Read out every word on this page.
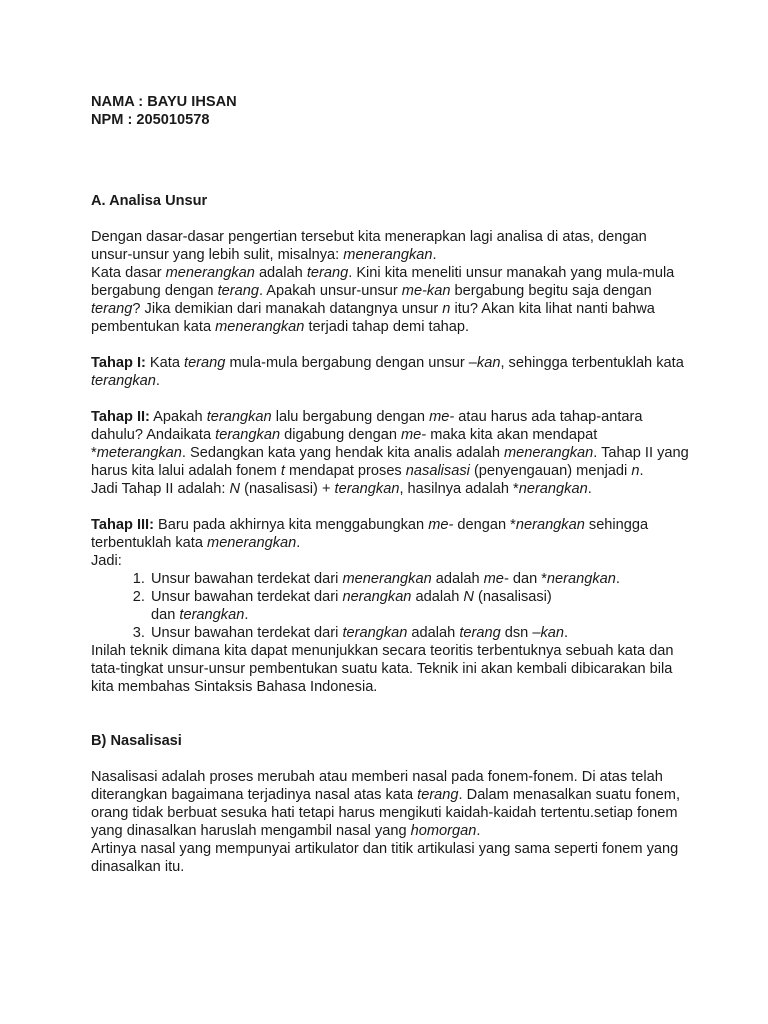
NAMA : BAYU IHSAN

NPM : 205010578

A. Analisa Unsur

Dengan dasar-dasar pengertian tersebut kita menerapkan lagi analisa di atas, dengan unsur-unsur yang lebih sulit, misalnya: menerangkan.
Kata dasar menerangkan adalah terang. Kini kita meneliti unsur manakah yang mula-mula bergabung dengan terang. Apakah unsur-unsur me-kan bergabung begitu saja dengan terang? Jika demikian dari manakah datangnya unsur n itu? Akan kita lihat nanti bahwa pembentukan kata menerangkan terjadi tahap demi tahap.

Tahap I: Kata terang mula-mula bergabung dengan unsur –kan, sehingga terbentuklah kata terangkan.

Tahap II: Apakah terangkan lalu bergabung dengan me- atau harus ada tahap-antara dahulu? Andaikata terangkan digabung dengan me- maka kita akan mendapat *meterangkan. Sedangkan kata yang hendak kita analis adalah menerangkan. Tahap II yang harus kita lalui adalah fonem t mendapat proses nasalisasi (penyengauan) menjadi n.
Jadi Tahap II adalah: N (nasalisasi) + terangkan, hasilnya adalah *nerangkan.

Tahap III: Baru pada akhirnya kita menggabungkan me- dengan *nerangkan sehingga terbentuklah kata menerangkan.
Jadi:

1. Unsur bawahan terdekat dari menerangkan adalah me- dan *nerangkan.
2. Unsur bawahan terdekat dari nerangkan adalah N (nasalisasi)
dan terangkan.
3. Unsur bawahan terdekat dari terangkan adalah terang dsn –kan.

Inilah teknik dimana kita dapat menunjukkan secara teoritis terbentuknya sebuah kata dan tata-tingkat unsur-unsur pembentukan suatu kata. Teknik ini akan kembali dibicarakan bila kita membahas Sintaksis Bahasa Indonesia.

B) Nasalisasi

Nasalisasi adalah proses merubah atau memberi nasal pada fonem-fonem. Di atas telah diterangkan bagaimana terjadinya nasal atas kata terang. Dalam menasalkan suatu fonem, orang tidak berbuat sesuka hati tetapi harus mengikuti kaidah-kaidah tertentu.setiap fonem yang dinasalkan haruslah mengambil nasal yang homorgan.
Artinya nasal yang mempunyai artikulator dan titik artikulasi yang sama seperti fonem yang dinasalkan itu.
